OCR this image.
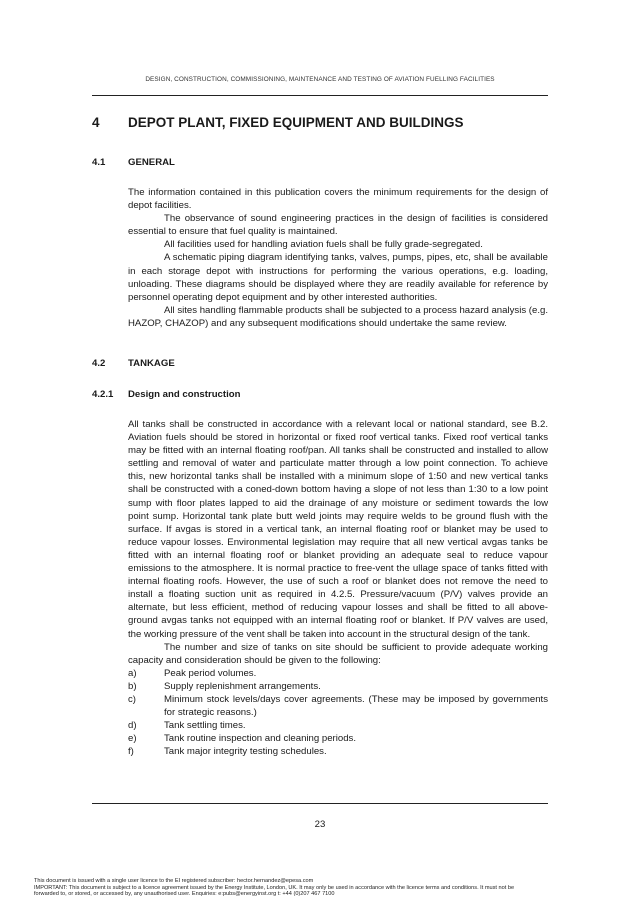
DESIGN, CONSTRUCTION, COMMISSIONING, MAINTENANCE AND TESTING OF AVIATION FUELLING FACILITIES
4 DEPOT PLANT, FIXED EQUIPMENT AND BUILDINGS
4.1 GENERAL

The information contained in this publication covers the minimum requirements for the design of depot facilities.

The observance of sound engineering practices in the design of facilities is considered essential to ensure that fuel quality is maintained.

All facilities used for handling aviation fuels shall be fully grade-segregated.

A schematic piping diagram identifying tanks, valves, pumps, pipes, etc, shall be available in each storage depot with instructions for performing the various operations, e.g. loading, unloading. These diagrams should be displayed where they are readily available for reference by personnel operating depot equipment and by other interested authorities.

All sites handling flammable products shall be subjected to a process hazard analysis (e.g. HAZOP, CHAZOP) and any subsequent modifications should undertake the same review.

4.2 TANKAGE
4.2.1 Design and construction

All tanks shall be constructed in accordance with a relevant local or national standard, see B.2. Aviation fuels should be stored in horizontal or fixed roof vertical tanks. Fixed roof vertical tanks may be fitted with an internal floating roof/pan. All tanks shall be constructed and installed to allow settling and removal of water and particulate matter through a low point connection. To achieve this, new horizontal tanks shall be installed with a minimum slope of 1:50 and new vertical tanks shall be constructed with a coned-down bottom having a slope of not less than 1:30 to a low point sump with floor plates lapped to aid the drainage of any moisture or sediment towards the low point sump. Horizontal tank plate butt weld joints may require welds to be ground flush with the surface. If avgas is stored in a vertical tank, an internal floating roof or blanket may be used to reduce vapour losses. Environmental legislation may require that all new vertical avgas tanks be fitted with an internal floating roof or blanket providing an adequate seal to reduce vapour emissions to the atmosphere. It is normal practice to free-vent the ullage space of tanks fitted with internal floating roofs. However, the use of such a roof or blanket does not remove the need to install a floating suction unit as required in 4.2.5. Pressure/vacuum (P/V) valves provide an alternate, but less efficient, method of reducing vapour losses and shall be fitted to all above-ground avgas tanks not equipped with an internal floating roof or blanket. If P/V valves are used, the working pressure of the vent shall be taken into account in the structural design of the tank.

The number and size of tanks on site should be sufficient to provide adequate working capacity and consideration should be given to the following:

a)	Peak period volumes.
b)	Supply replenishment arrangements.
c)	Minimum stock levels/days cover agreements. (These may be imposed by governments for strategic reasons.)
d)	Tank settling times.
e)	Tank routine inspection and cleaning periods.
f)	Tank major integrity testing schedules.
23

This document is issued with a single user licence to the EI registered subscriber: hector.hernandez@epesa.com

IMPORTANT: This document is subject to a licence agreement issued by the Energy Institute, London, UK. It may only be used in accordance with the licence terms and conditions. It must not be

forwarded to, or stored, or accessed by, any unauthorised user. Enquiries: e:pubs@energyinst.org t: +44 (0)207 467 7100
